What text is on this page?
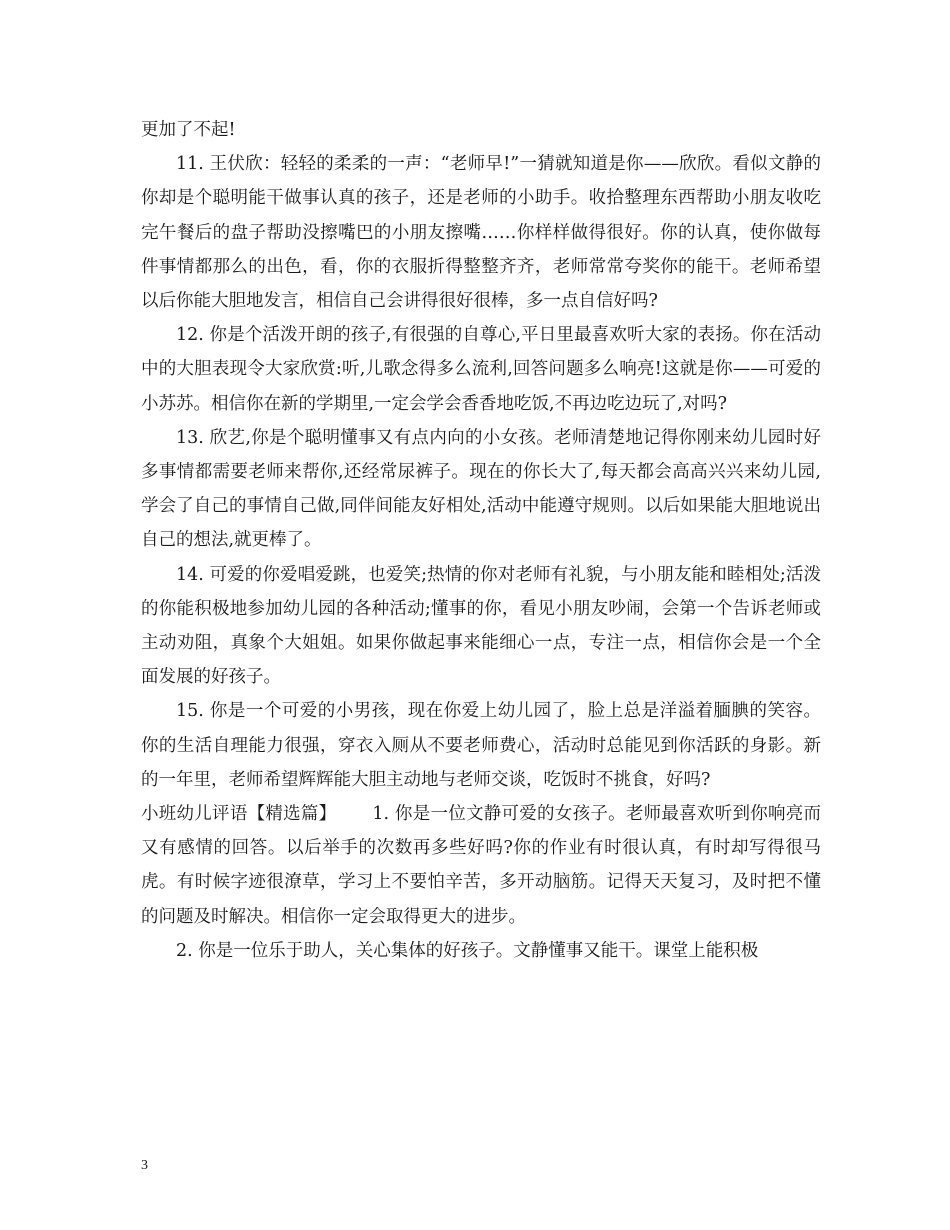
更加了不起!

11. 王伏欣：轻轻的柔柔的一声：“老师早!”一猜就知道是你——欣欣。看似文静的你却是个聪明能干做事认真的孩子，还是老师的小助手。收拾整理东西帮助小朋友收吃完午餐后的盘子帮助没擦嘴巴的小朋友擦嘴……你样样做得很好。你的认真，使你做每件事情都那么的出色，看，你的衣服折得整整齐齐，老师常常夸奖你的能干。老师希望以后你能大胆地发言，相信自己会讲得很好很棒，多一点自信好吗?

12. 你是个活泼开朗的孩子,有很强的自尊心,平日里最喜欢听大家的表扬。你在活动中的大胆表现令大家欣赏:听,儿歌念得多么流利,回答问题多么响亮!这就是你——可爱的小苏苏。相信你在新的学期里,一定会学会香香地吃饭,不再边吃边玩了,对吗?

13. 欣艺,你是个聪明懂事又有点内向的小女孩。老师清楚地记得你刚来幼儿园时好多事情都需要老师来帮你,还经常尿裤子。现在的你长大了,每天都会高高兴兴来幼儿园,学会了自己的事情自己做,同伴间能友好相处,活动中能遵守规则。以后如果能大胆地说出自己的想法,就更棒了。

14. 可爱的你爱唱爱跳，也爱笑;热情的你对老师有礼貌，与小朋友能和睦相处;活泼的你能积极地参加幼儿园的各种活动;懂事的你，看见小朋友吵闹，会第一个告诉老师或主动劝阻，真象个大姐姐。如果你做起事来能细心一点，专注一点，相信你会是一个全面发展的好孩子。

15. 你是一个可爱的小男孩，现在你爱上幼儿园了，脸上总是洋溢着腼腆的笑容。你的生活自理能力很强，穿衣入厕从不要老师费心，活动时总能见到你活跃的身影。新的一年里，老师希望辉辉能大胆主动地与老师交谈，吃饭时不挑食，好吗?

小班幼儿评语【精选篇】 1. 你是一位文静可爱的女孩子。老师最喜欢听到你响亮而又有感情的回答。以后举手的次数再多些好吗?你的作业有时很认真，有时却写得很马虎。有时候字迹很潦草，学习上不要怕辛苦，多开动脑筋。记得天天复习，及时把不懂的问题及时解决。相信你一定会取得更大的进步。

2. 你是一位乐于助人，关心集体的好孩子。文静懂事又能干。课堂上能积极

3
